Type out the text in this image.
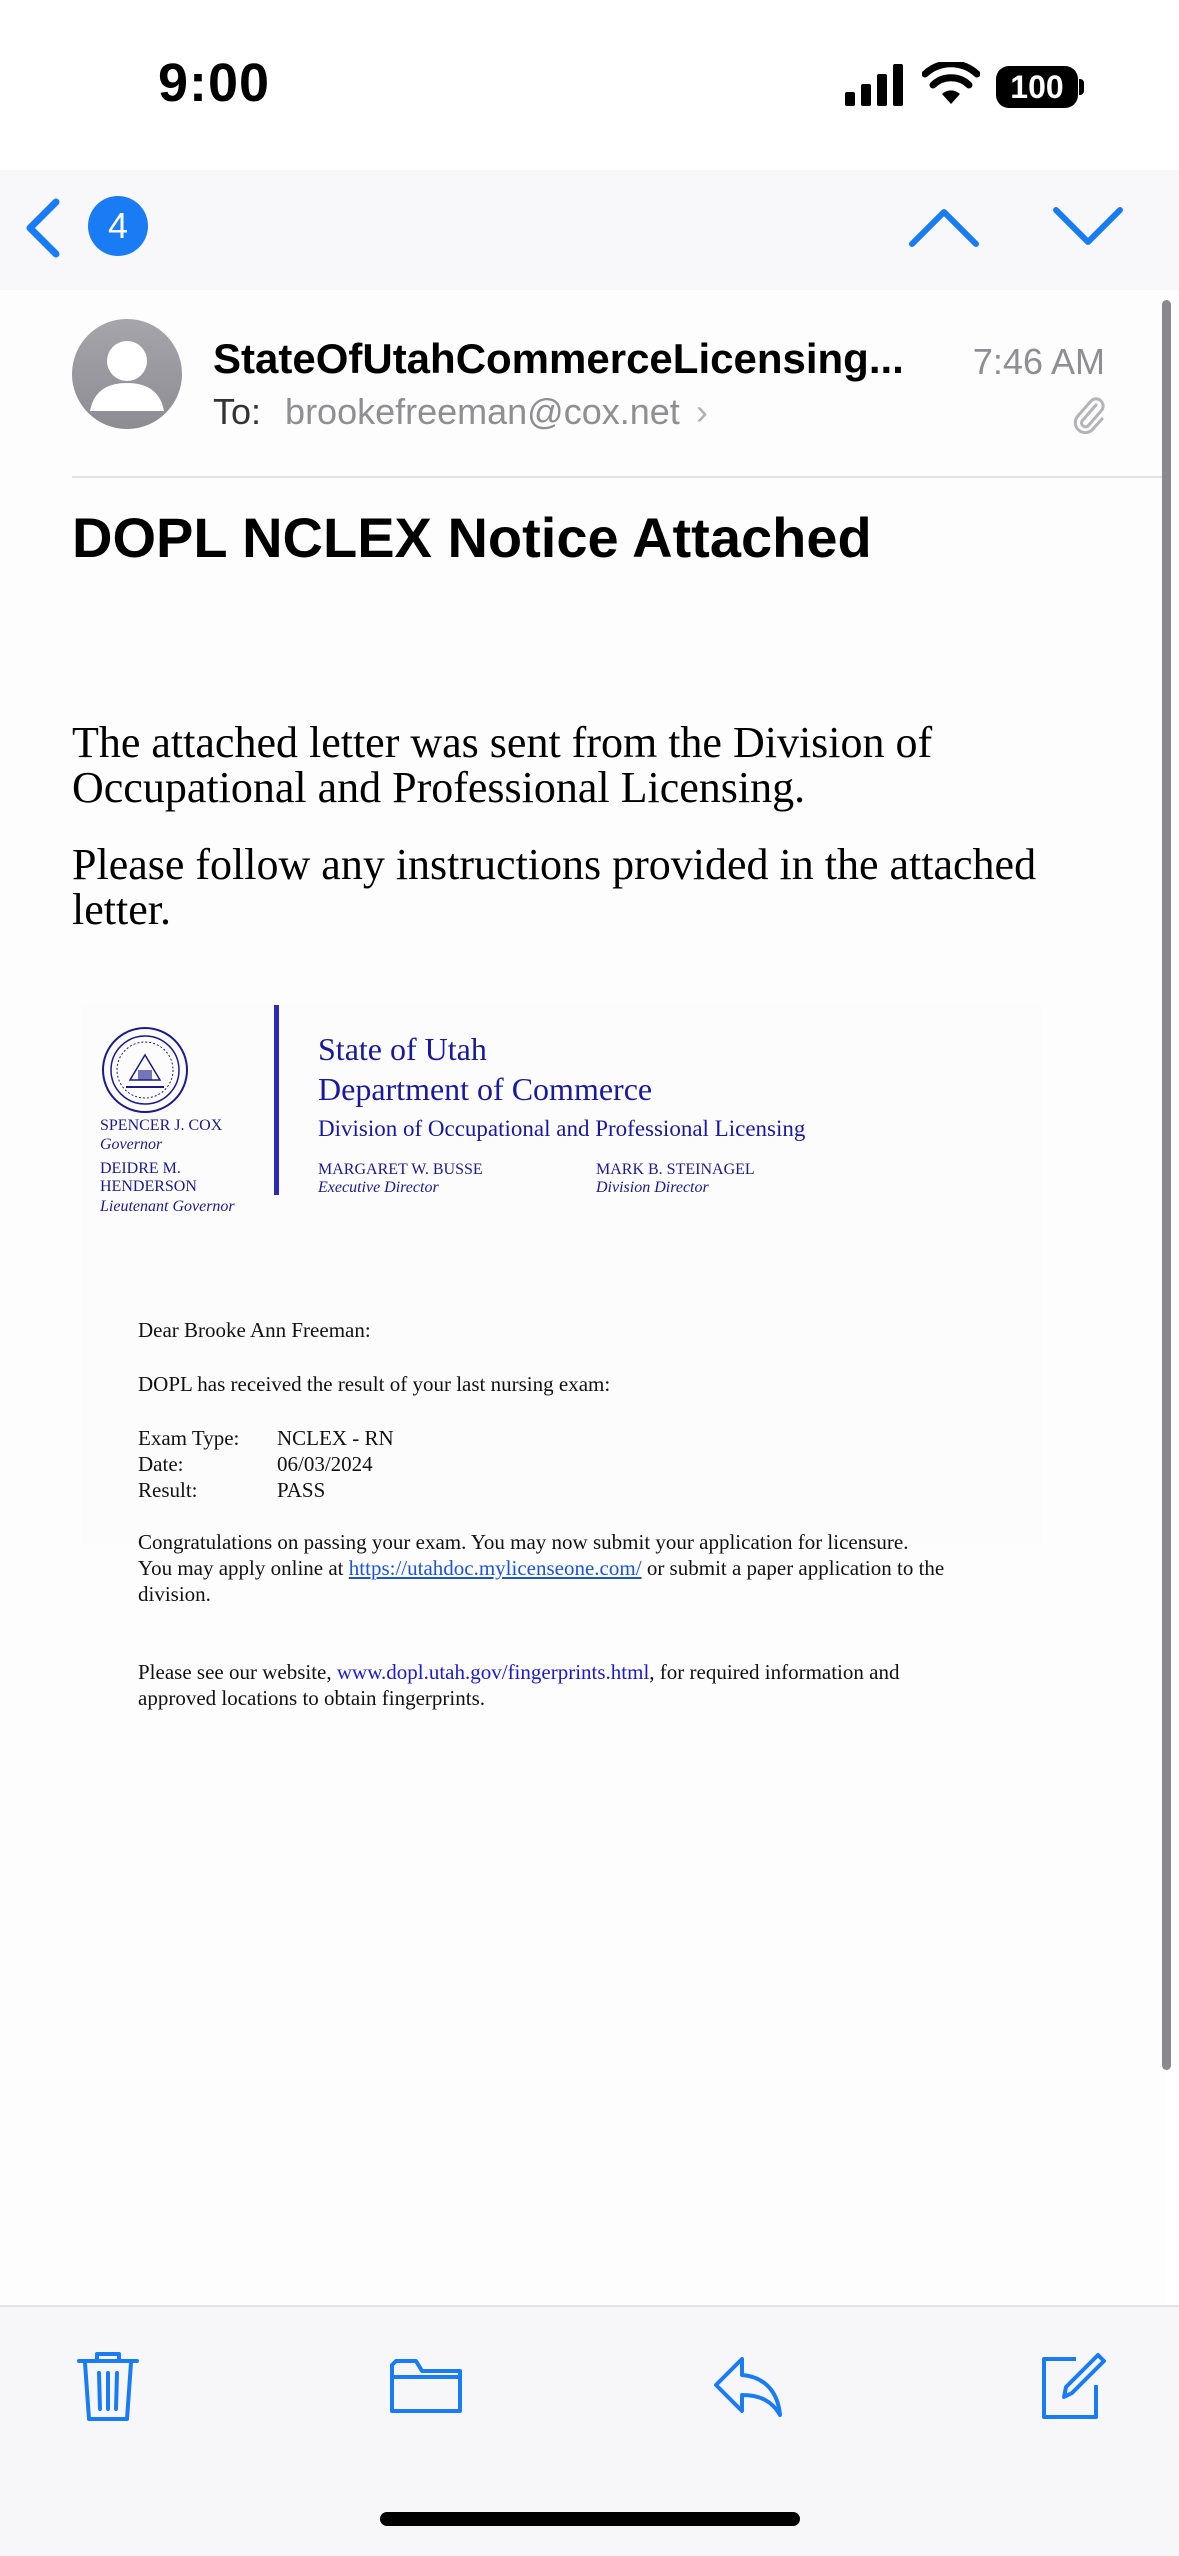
9:00	100
4
StateOfUtahCommerceLicensing... 7:46 AM
To: brookefreeman@cox.net ›
DOPL NCLEX Notice Attached
The attached letter was sent from the Division of Occupational and Professional Licensing.
Please follow any instructions provided in the attached letter.
SPENCER J. COX
Governor
DEIDRE M. HENDERSON
Lieutenant Governor
State of Utah
Department of Commerce
Division of Occupational and Professional Licensing
MARGARET W. BUSSE
Executive Director
MARK B. STEINAGEL
Division Director
Dear Brooke Ann Freeman:
DOPL has received the result of your last nursing exam:
Exam Type: NCLEX - RN
Date:	06/03/2024
Result:	PASS
Congratulations on passing your exam. You may now submit your application for licensure.
You may apply online at https://utahdoc.mylicenseone.com/ or submit a paper application to the
division.
Please see our website, www.dopl.utah.gov/fingerprints.html, for required information and
approved locations to obtain fingerprints.
